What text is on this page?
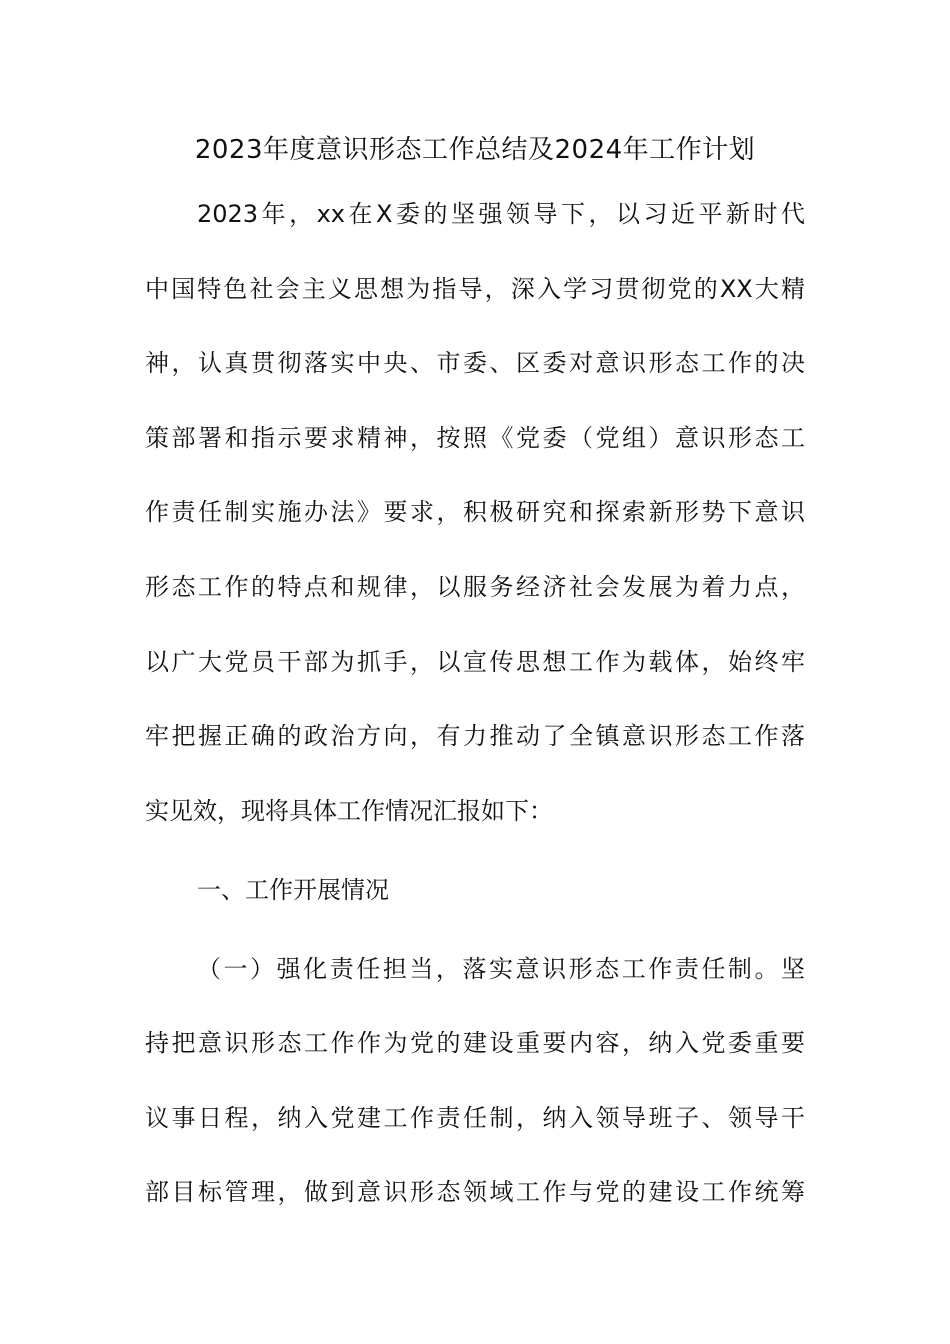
2023年度意识形态工作总结及2024年工作计划
2023年，xx在X委的坚强领导下，以习近平新时代
中国特色社会主义思想为指导，深入学习贯彻党的XX大精
神，认真贯彻落实中央、市委、区委对意识形态工作的决
策部署和指示要求精神，按照《党委（党组）意识形态工
作责任制实施办法》要求，积极研究和探索新形势下意识
形态工作的特点和规律，以服务经济社会发展为着力点，
以广大党员干部为抓手，以宣传思想工作为载体，始终牢
牢把握正确的政治方向，有力推动了全镇意识形态工作落
实见效，现将具体工作情况汇报如下：
一、工作开展情况
（一）强化责任担当，落实意识形态工作责任制。坚
持把意识形态工作作为党的建设重要内容，纳入党委重要
议事日程，纳入党建工作责任制，纳入领导班子、领导干
部目标管理，做到意识形态领域工作与党的建设工作统筹
